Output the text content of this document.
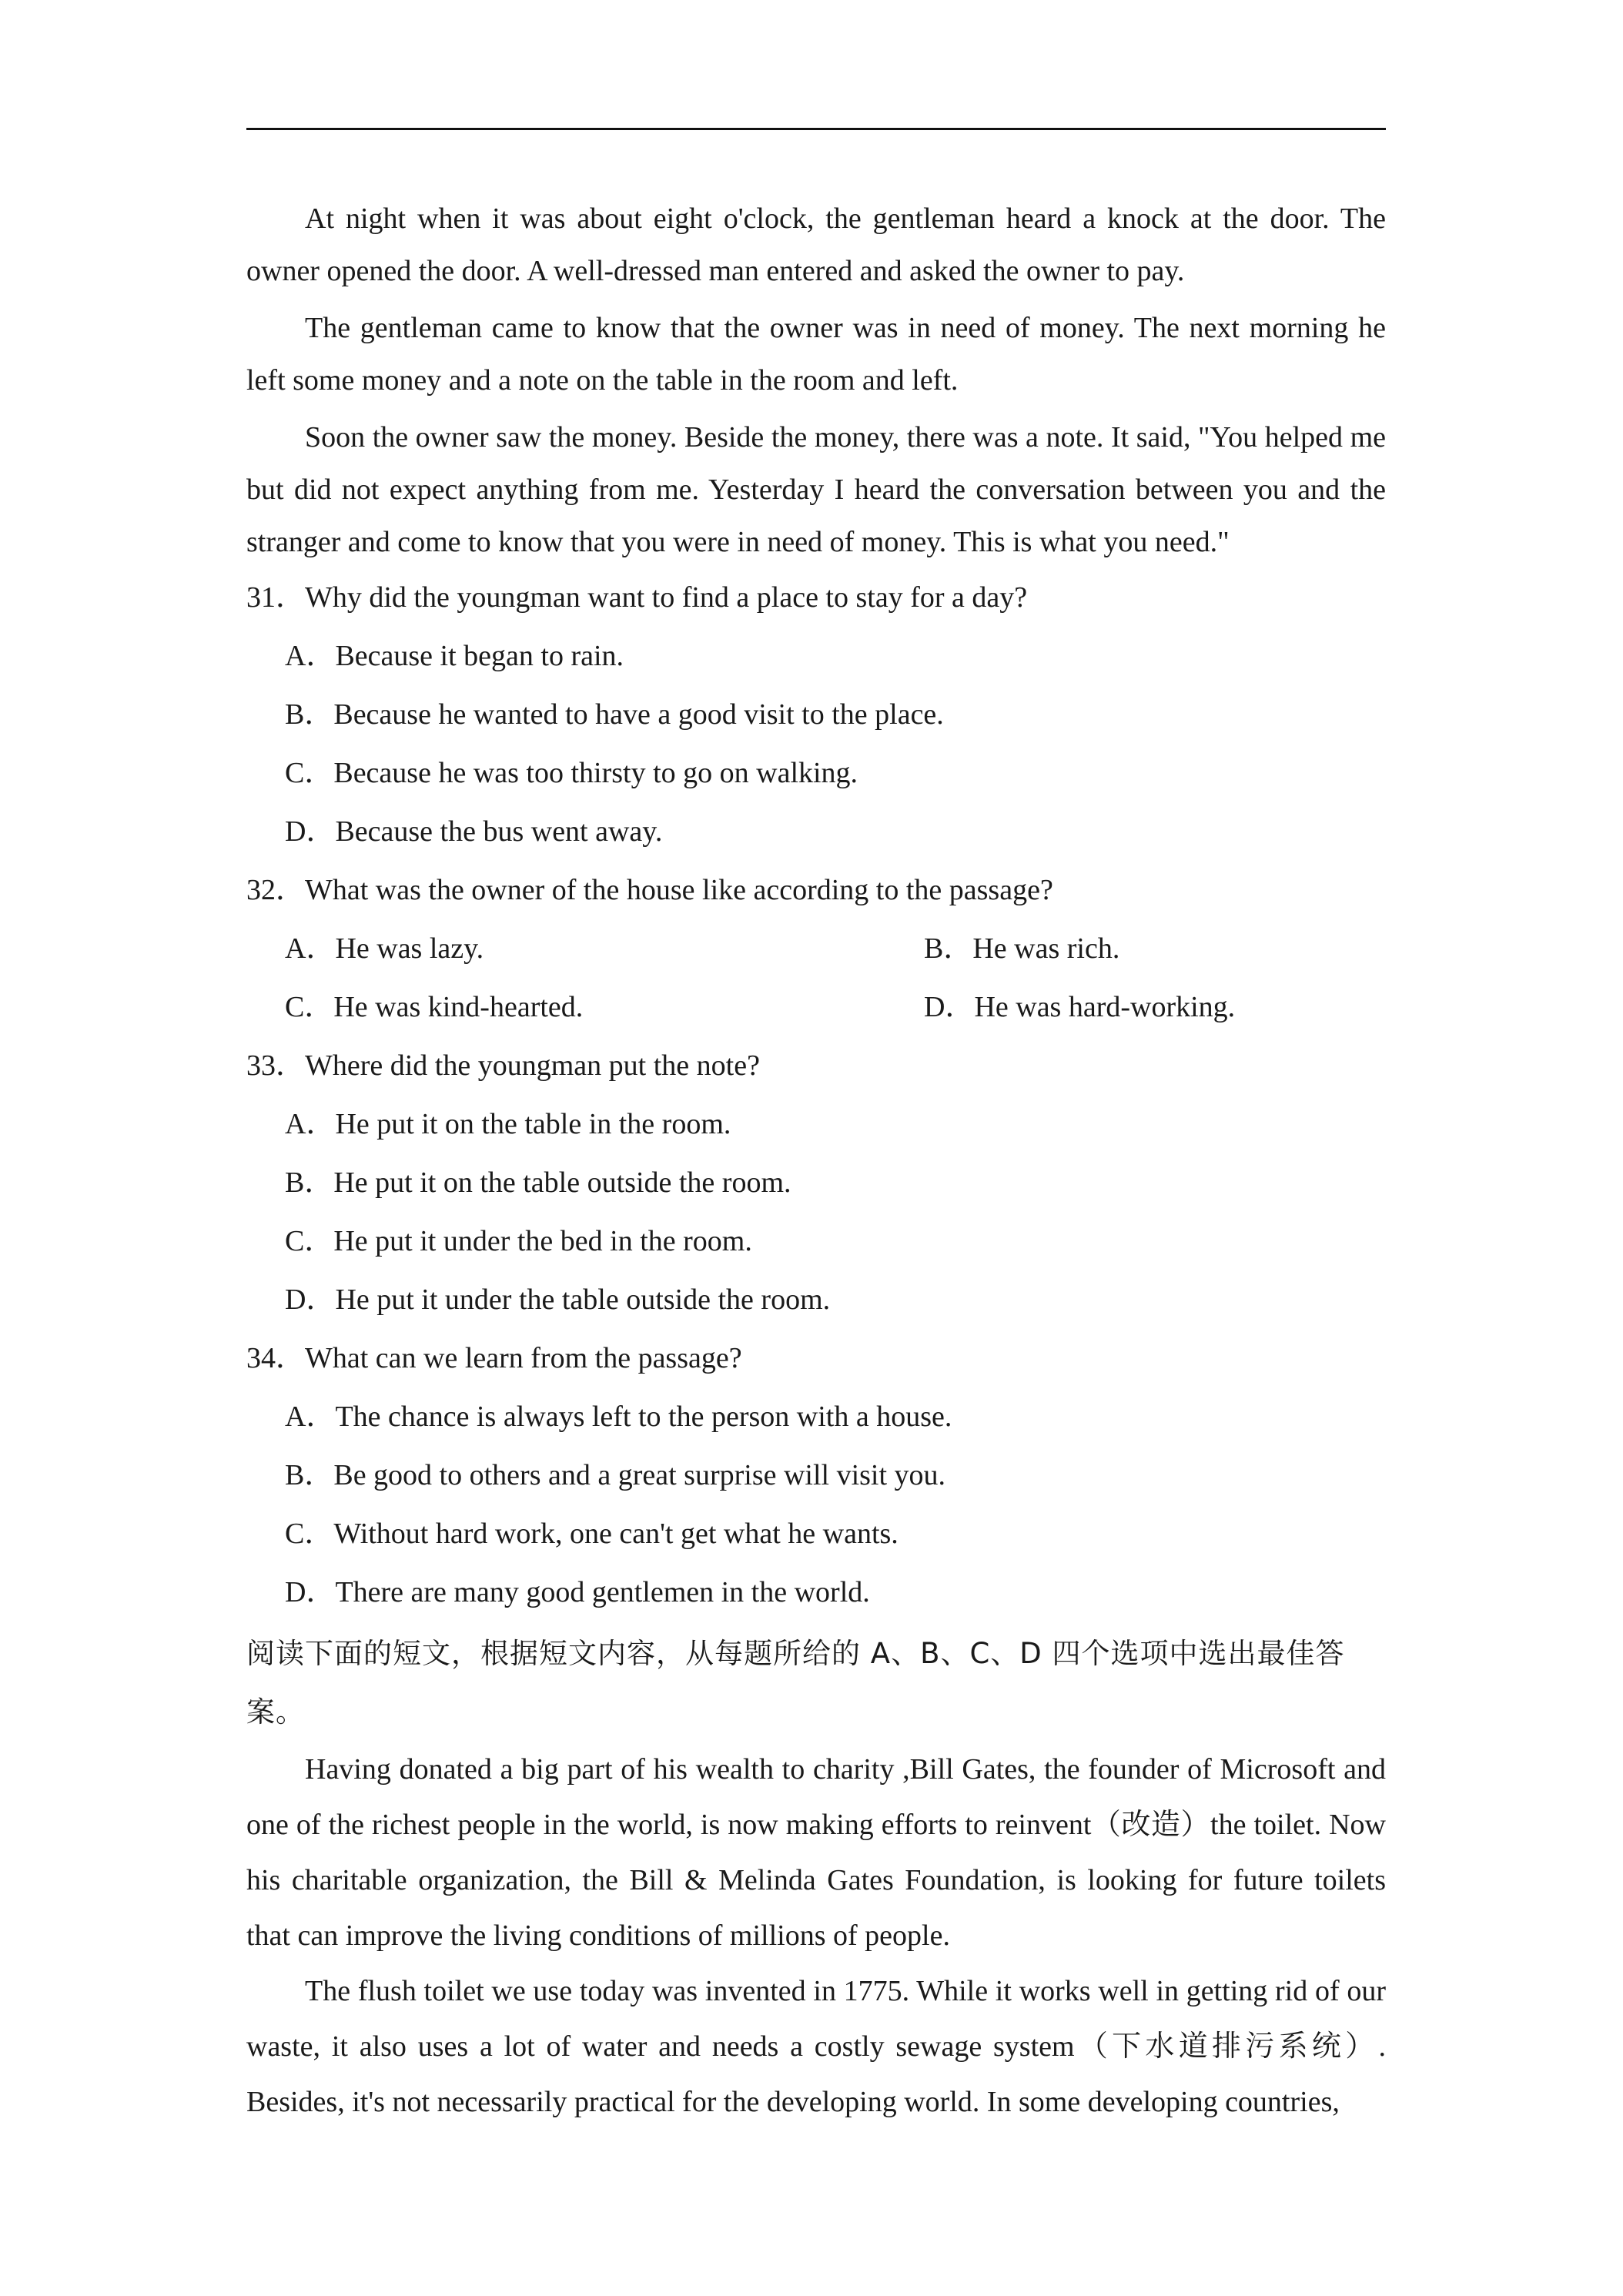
At night when it was about eight o'clock, the gentleman heard a knock at the door. The owner opened the door. A well-dressed man entered and asked the owner to pay.

The gentleman came to know that the owner was in need of money. The next morning he left some money and a note on the table in the room and left.

Soon the owner saw the money. Beside the money, there was a note. It said, "You helped me but did not expect anything from me. Yesterday I heard the conversation between you and the stranger and come to know that you were in need of money. This is what you need."

31．Why did the youngman want to find a place to stay for a day?

A．Because it began to rain.

B．Because he wanted to have a good visit to the place.

C．Because he was too thirsty to go on walking.

D．Because the bus went away.

32．What was the owner of the house like according to the passage?

A．He was lazy.	B．He was rich.
C．He was kind-hearted.	D．He was hard-working.

33．Where did the youngman put the note?

A．He put it on the table in the room.

B．He put it on the table outside the room.

C．He put it under the bed in the room.

D．He put it under the table outside the room.

34．What can we learn from the passage?

A．The chance is always left to the person with a house.

B．Be good to others and a great surprise will visit you.

C．Without hard work, one can't get what he wants.

D．There are many good gentlemen in the world.

阅读下面的短文，根据短文内容，从每题所给的 A、B、C、D 四个选项中选出最佳答案。

Having donated a big part of his wealth to charity ,Bill Gates, the founder of Microsoft and one of the richest people in the world, is now making efforts to reinvent（改造）the toilet. Now his charitable organization, the Bill & Melinda Gates Foundation, is looking for future toilets that can improve the living conditions of millions of people.

The flush toilet we use today was invented in 1775. While it works well in getting rid of our waste, it also uses a lot of water and needs a costly sewage system（下水道排污系统）. Besides, it's not necessarily practical for the developing world. In some developing countries,
